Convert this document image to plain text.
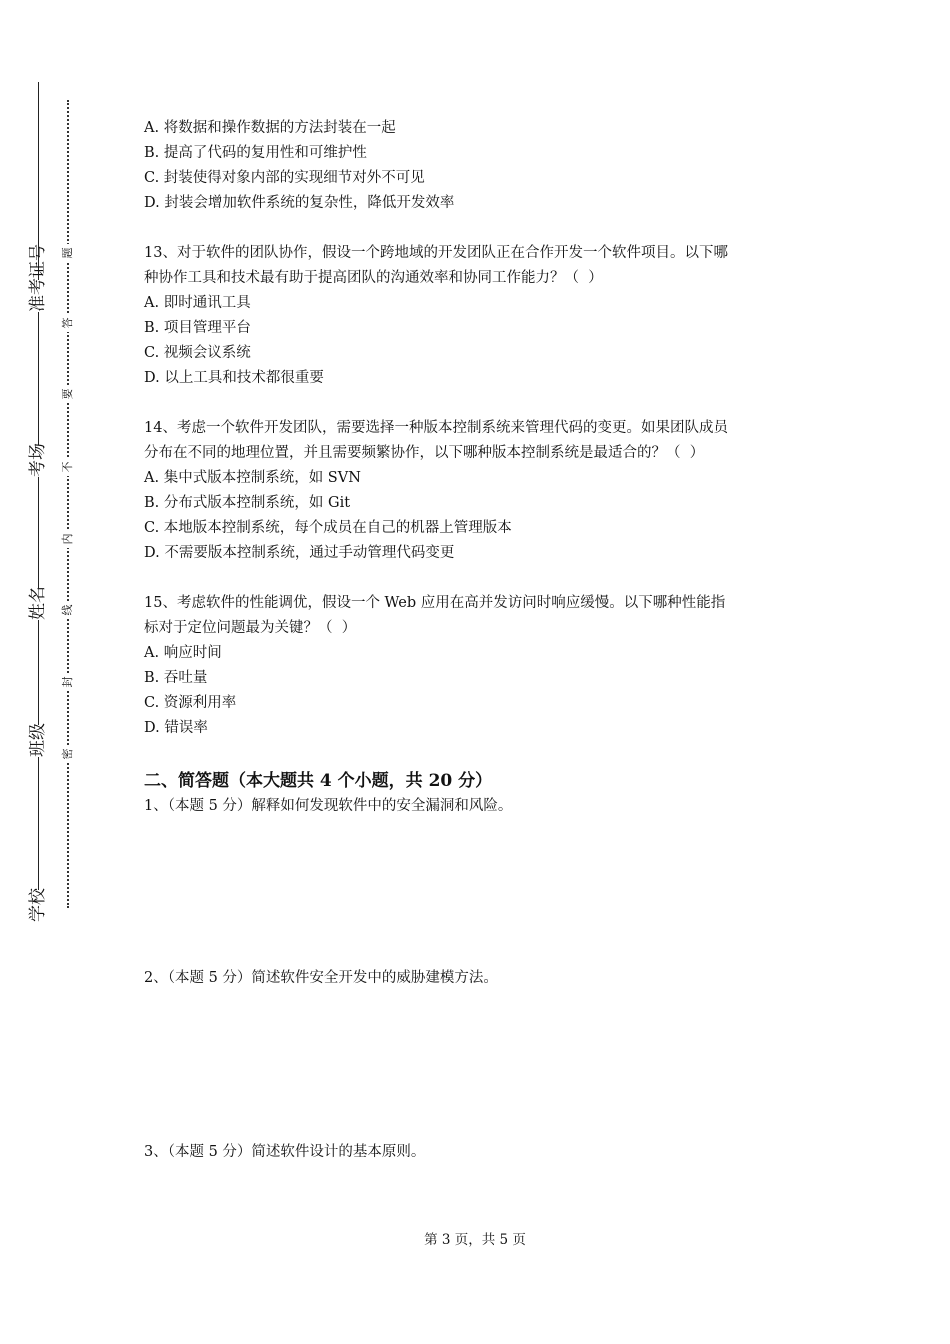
准考证号
考场
姓名
班级
学校
题
答
要
不
内
线
封
密

A. 将数据和操作数据的方法封装在一起

B. 提高了代码的复用性和可维护性

C. 封装使得对象内部的实现细节对外不可见

D. 封装会增加软件系统的复杂性，降低开发效率

13、对于软件的团队协作，假设一个跨地域的开发团队正在合作开发一个软件项目。以下哪

种协作工具和技术最有助于提高团队的沟通效率和协同工作能力？（  ）

A. 即时通讯工具

B. 项目管理平台

C. 视频会议系统

D. 以上工具和技术都很重要

14、考虑一个软件开发团队，需要选择一种版本控制系统来管理代码的变更。如果团队成员

分布在不同的地理位置，并且需要频繁协作，以下哪种版本控制系统是最适合的？（  ）

A. 集中式版本控制系统，如 SVN

B. 分布式版本控制系统，如 Git

C. 本地版本控制系统，每个成员在自己的机器上管理版本

D. 不需要版本控制系统，通过手动管理代码变更

15、考虑软件的性能调优，假设一个 Web 应用在高并发访问时响应缓慢。以下哪种性能指

标对于定位问题最为关键？（  ）

A. 响应时间

B. 吞吐量

C. 资源利用率

D. 错误率

二、简答题（本大题共 4 个小题，共 20 分）

1、（本题 5 分）解释如何发现软件中的安全漏洞和风险。

2、（本题 5 分）简述软件安全开发中的威胁建模方法。

3、（本题 5 分）简述软件设计的基本原则。

第 3 页，共 5 页
